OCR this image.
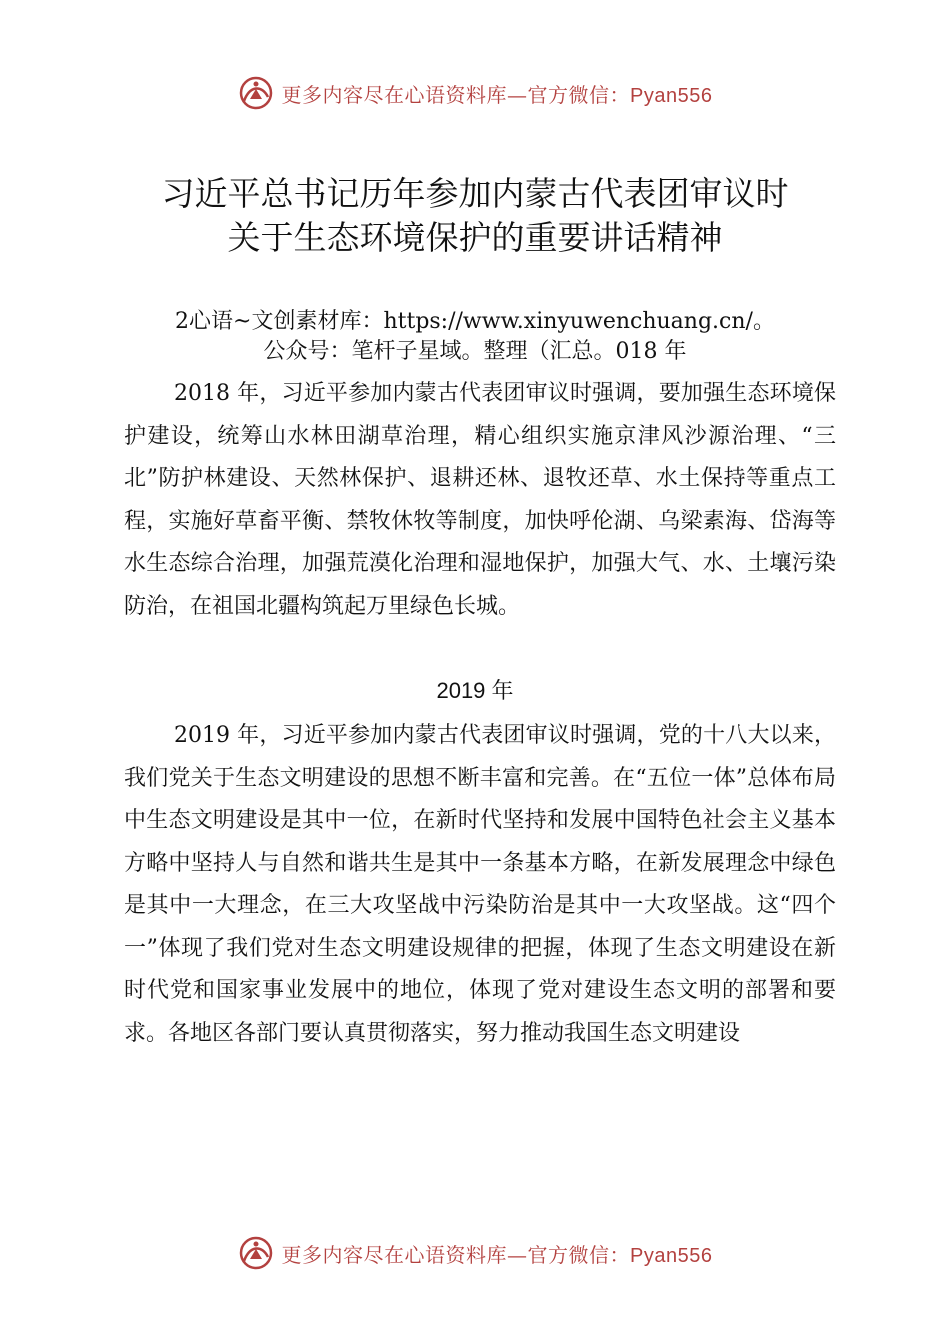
更多内容尽在心语资料库—官方微信：Pyan556
习近平总书记历年参加内蒙古代表团审议时
关于生态环境保护的重要讲话精神
2心语~文创素材库：https://www.xinyuwenchuang.cn/。
公众号：笔杆子星域。整理（汇总。018 年

2018 年，习近平参加内蒙古代表团审议时强调，要加强生态环境保护建设，统筹山水林田湖草治理，精心组织实施京津风沙源治理、“三北”防护林建设、天然林保护、退耕还林、退牧还草、水土保持等重点工程，实施好草畜平衡、禁牧休牧等制度，加快呼伦湖、乌梁素海、岱海等水生态综合治理，加强荒漠化治理和湿地保护，加强大气、水、土壤污染防治，在祖国北疆构筑起万里绿色长城。

2019 年

2019 年，习近平参加内蒙古代表团审议时强调，党的十八大以来，我们党关于生态文明建设的思想不断丰富和完善。在“五位一体”总体布局中生态文明建设是其中一位，在新时代坚持和发展中国特色社会主义基本方略中坚持人与自然和谐共生是其中一条基本方略，在新发展理念中绿色是其中一大理念，在三大攻坚战中污染防治是其中一大攻坚战。这“四个一”体现了我们党对生态文明建设规律的把握，体现了生态文明建设在新时代党和国家事业发展中的地位，体现了党对建设生态文明的部署和要求。各地区各部门要认真贯彻落实，努力推动我国生态文明建设

更多内容尽在心语资料库—官方微信：Pyan556
